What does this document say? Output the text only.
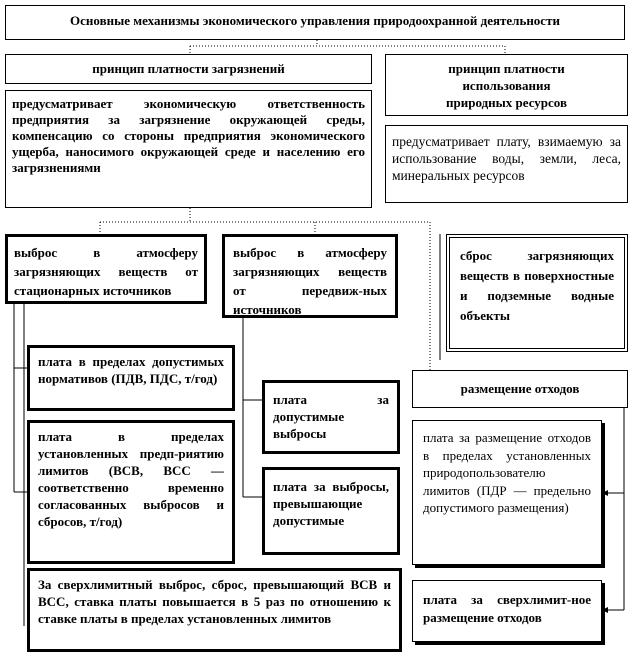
Основные механизмы экономического управления природоохранной деятельности
принцип платности загрязнений
предусматривает экономическую ответственность предприятия за загрязнение окружающей среды, компенсацию со стороны предприятия экономического ущерба, наносимого окружающей среде и населению его загрязнениями
принцип платности
использования
природных ресурсов
предусматривает плату, взимаемую за использование воды, земли, леса, минеральных ресурсов
выброс в атмосферу загрязняющих веществ от стационарных источников
выброс в атмосферу загрязняющих веществ от передвиж-ных источников
сброс загрязняющих веществ в поверхностные и подземные водные объекты
плата в пределах допустимых нормативов (ПДВ, ПДС, т/год)
плата в пределах установленных предп-риятию лимитов (ВСВ, ВСС — соответственно временно согласованных выбросов и сбросов, т/год)
плата за допустимые выбросы
плата за выбросы, превышающие допустимые
За сверхлимитный выброс, сброс, превышающий ВСВ и ВСС, ставка платы повышается в 5 раз по отношению к ставке платы в пределах установленных лимитов
размещение отходов
плата за размещение отходов в пределах установленных природопользователю лимитов (ПДР — предельно допустимого размещения)
плата за сверхлимит-ное размещение отходов
